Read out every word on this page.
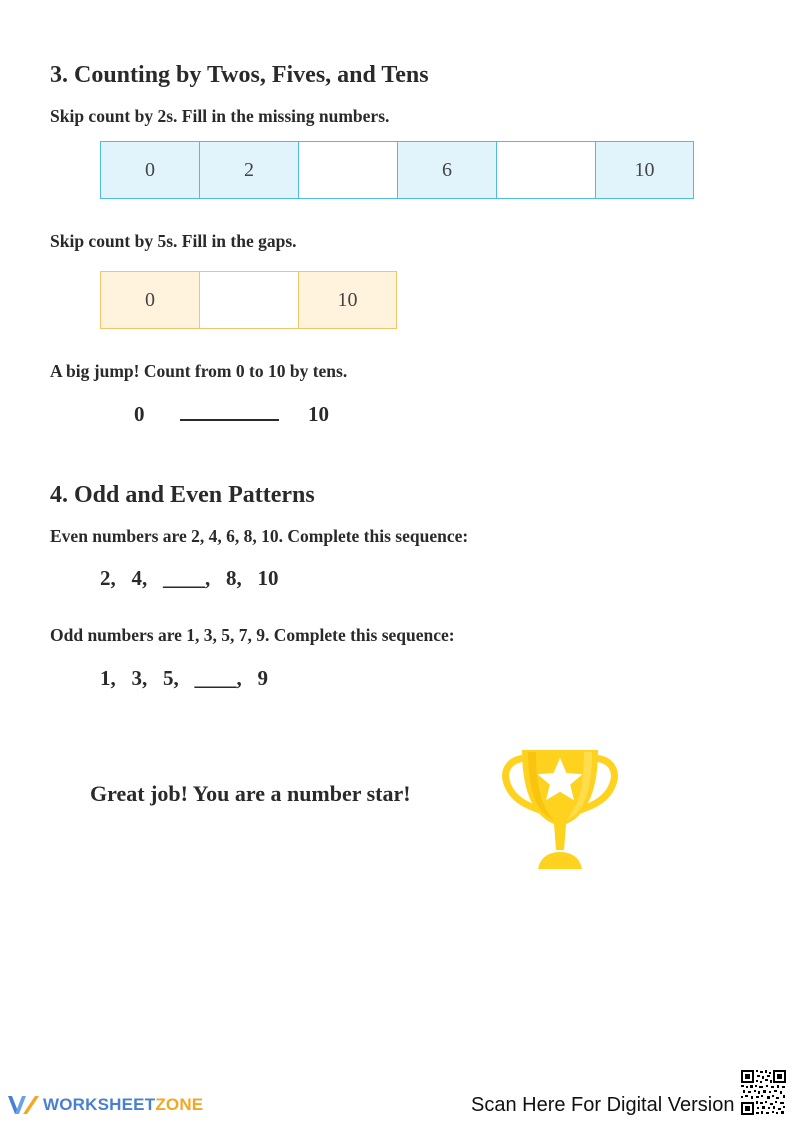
3. Counting by Twos, Fives, and Tens
Skip count by 2s. Fill in the missing numbers.
0	2	6	10
Skip count by 5s. Fill in the gaps.
0	10
A big jump! Count from 0 to 10 by tens.
0	10
4. Odd and Even Patterns
Even numbers are 2, 4, 6, 8, 10. Complete this sequence:
2,   4,   ____,   8,   10
Odd numbers are 1, 3, 5, 7, 9. Complete this sequence:
1,   3,   5,   ____,   9
Great job! You are a number star!
WORKSHEETZONE	Scan Here For Digital Version
